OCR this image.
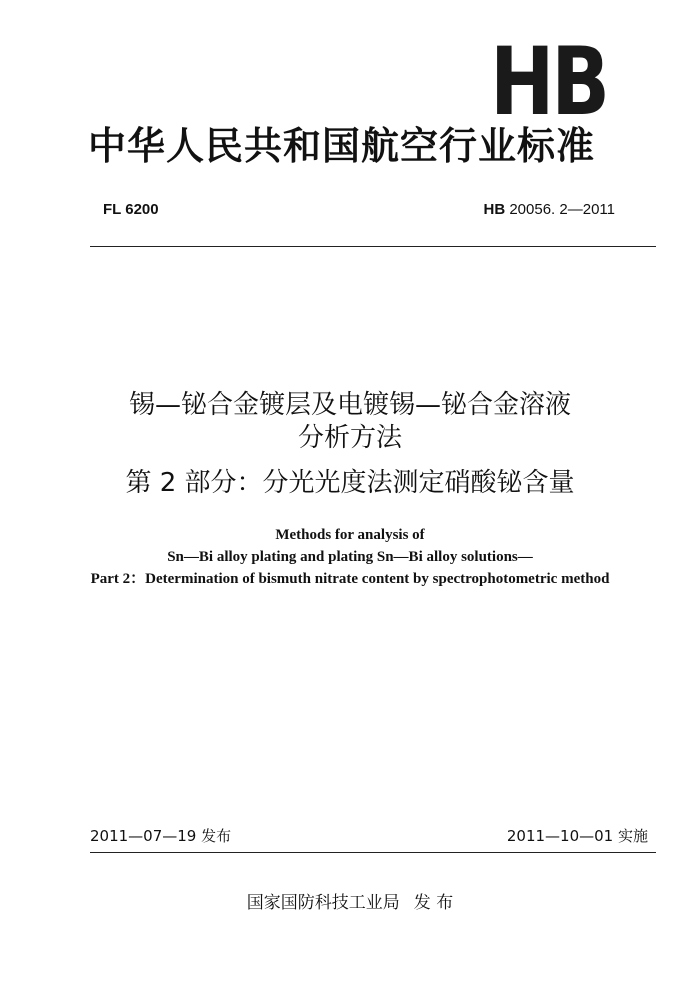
HB
中华人民共和国航空行业标准
FL 6200	HB 20056. 2—2011
锡—铋合金镀层及电镀锡—铋合金溶液
分析方法
第 2 部分：分光光度法测定硝酸铋含量
Methods for analysis of
Sn—Bi alloy plating and plating Sn—Bi alloy solutions—
Part 2：Determination of bismuth nitrate content by spectrophotometric method
2011—07—19 发布	2011—10—01 实施
国家国防科技工业局 发 布
